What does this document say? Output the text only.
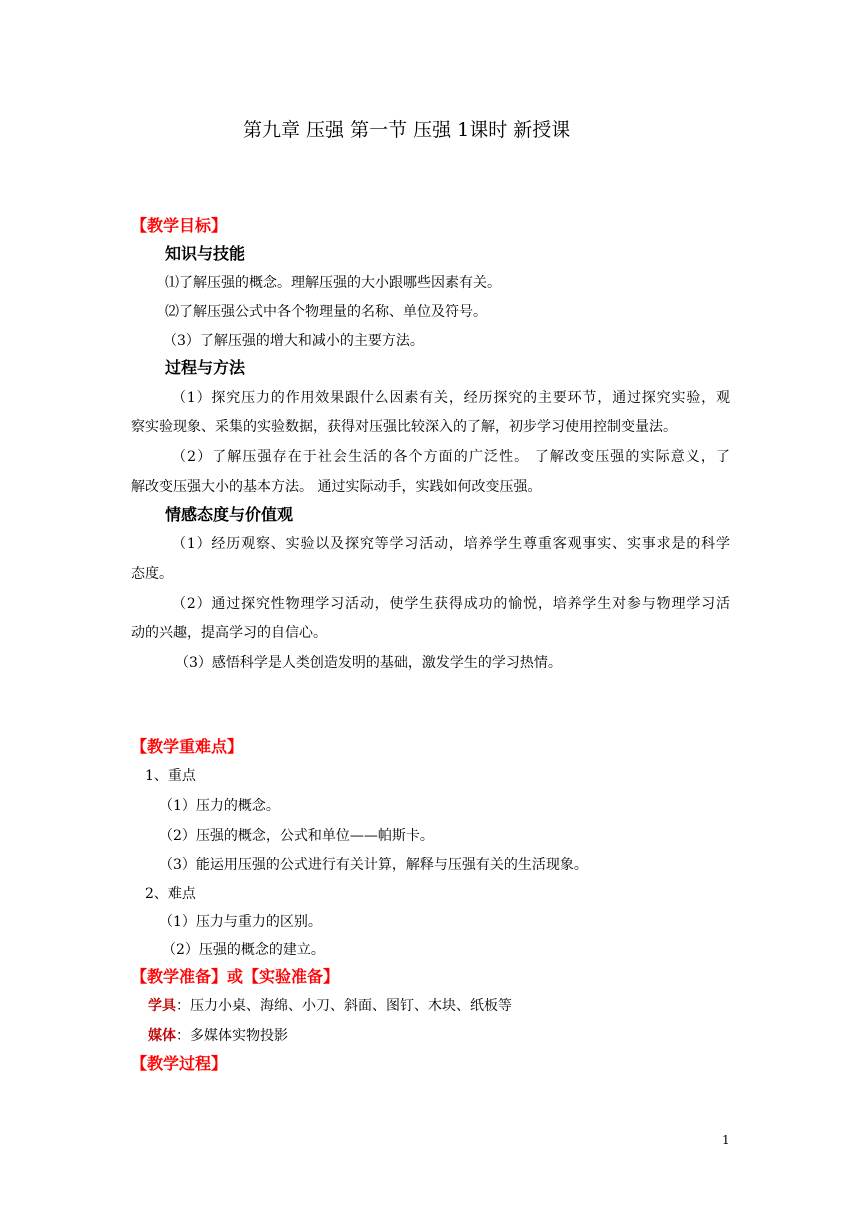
第九章 压强 第一节 压强 1课时 新授课
【教学目标】
知识与技能
⑴了解压强的概念。理解压强的大小跟哪些因素有关。
⑵了解压强公式中各个物理量的名称、单位及符号。
（3）了解压强的增大和减小的主要方法。
过程与方法
（1）探究压力的作用效果跟什么因素有关，经历探究的主要环节，通过探究实验，观
察实验现象、采集的实验数据，获得对压强比较深入的了解，初步学习使用控制变量法。
（2）了解压强存在于社会生活的各个方面的广泛性。 了解改变压强的实际意义，了
解改变压强大小的基本方法。 通过实际动手，实践如何改变压强。
情感态度与价值观
（1）经历观察、实验以及探究等学习活动，培养学生尊重客观事实、实事求是的科学
态度。
（2）通过探究性物理学习活动，使学生获得成功的愉悦，培养学生对参与物理学习活
动的兴趣，提高学习的自信心。
（3）感悟科学是人类创造发明的基础，激发学生的学习热情。
【教学重难点】
1、重点
（1）压力的概念。
（2）压强的概念，公式和单位——帕斯卡。
（3）能运用压强的公式进行有关计算，解释与压强有关的生活现象。
2、难点
（1）压力与重力的区别。
（2）压强的概念的建立。
【教学准备】或【实验准备】
学具：压力小桌、海绵、小刀、斜面、图钉、木块、纸板等
媒体：多媒体实物投影
【教学过程】
1
